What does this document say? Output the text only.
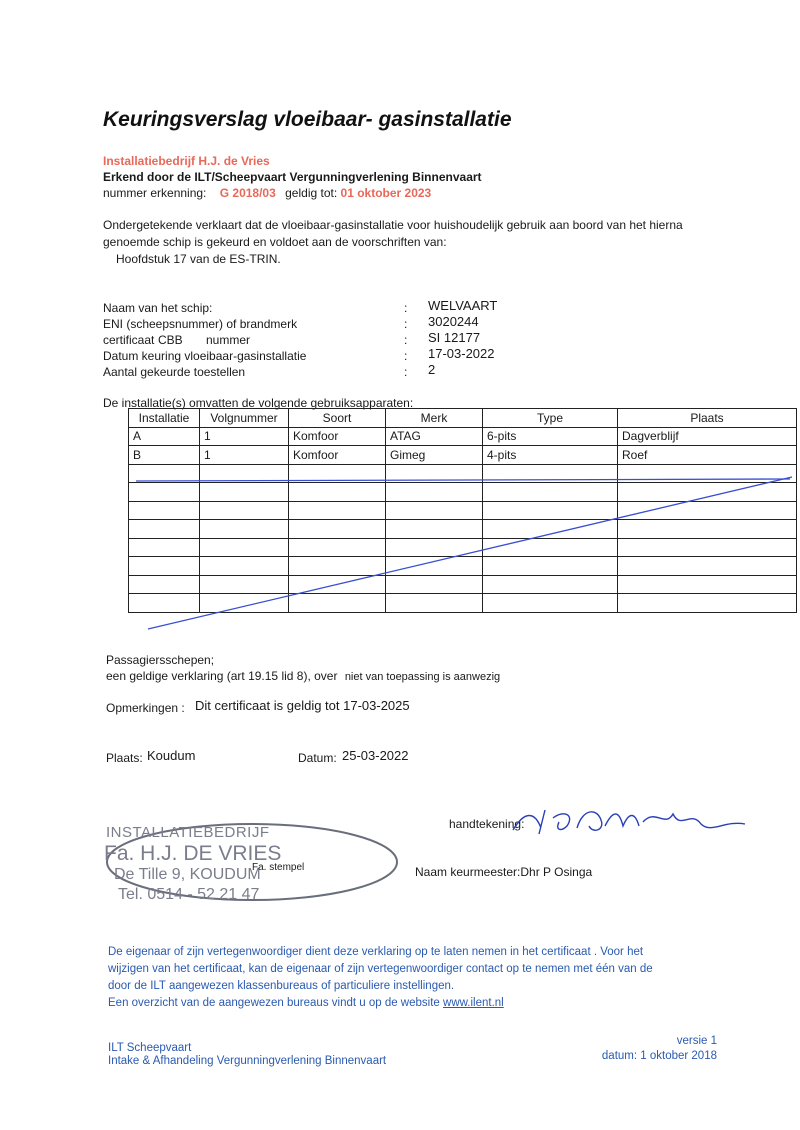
Keuringsverslag vloeibaar- gasinstallatie
Installatiebedrijf H.J. de Vries
Erkend door de ILT/Scheepvaart Vergunningverlening Binnenvaart
nummer erkenning: G 2018/03 geldig tot: 01 oktober 2023
Ondergetekende verklaart dat de vloeibaar-gasinstallatie voor huishoudelijk gebruik aan boord van het hierna
genoemde schip is gekeurd en voldoet aan de voorschriften van:
Hoofdstuk 17 van de ES-TRIN.
Naam van het schip:	: WELVAART
ENI (scheepsnummer) of brandmerk	: 3020244
certificaat CBB nummer	: SI 12177
Datum keuring vloeibaar-gasinstallatie	: 17-03-2022
Aantal gekeurde toestellen	: 2
De installatie(s) omvatten de volgende gebruiksapparaten:
Installatie	Volgnummer	Soort	Merk	Type	Plaats
A	1	Komfoor	ATAG	6-pits	Dagverblijf
B	1	Komfoor	Gimeg	4-pits	Roef

Passagiersschepen;
een geldige verklaring (art 19.15 lid 8), over niet van toepassing is aanwezig
Opmerkingen : Dit certificaat is geldig tot 17-03-2025
Plaats: Koudum	Datum: 25-03-2022
handtekening:
INSTALLATIEBEDRIJF
Fa. H.J. DE VRIES
De Tille 9, KOUDUM
Tel. 0514 - 52 21 47
Fa. stempel	Naam keurmeester:Dhr P Osinga
De eigenaar of zijn vertegenwoordiger dient deze verklaring op te laten nemen in het certificaat . Voor het
wijzigen van het certificaat, kan de eigenaar of zijn vertegenwoordiger contact op te nemen met één van de
door de ILT aangewezen klassenbureaus of particuliere instellingen.
Een overzicht van de aangewezen bureaus vindt u op de website www.ilent.nl
ILT Scheepvaart
Intake & Afhandeling Vergunningverlening Binnenvaart
versie 1
datum: 1 oktober 2018
